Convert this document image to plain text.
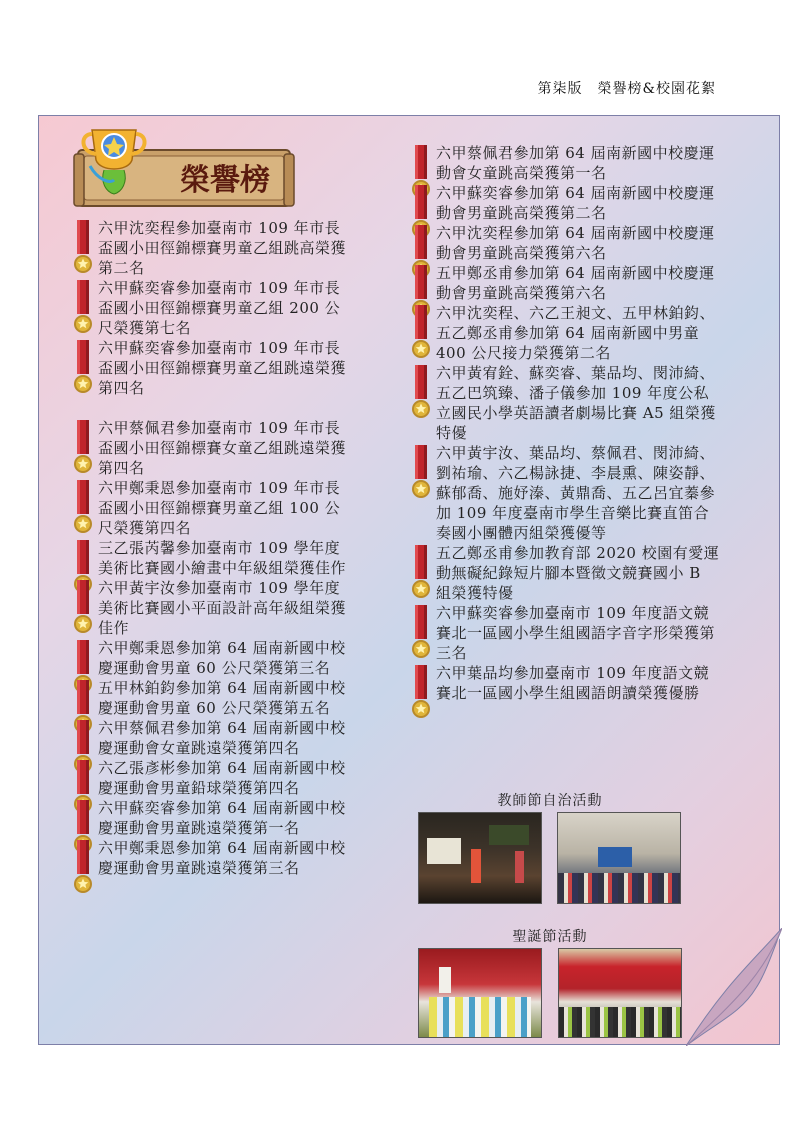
第柒版　榮譽榜&校園花絮
榮譽榜
六甲沈奕程參加臺南市 109 年市長盃國小田徑錦標賽男童乙組跳高榮獲第二名
六甲蘇奕睿參加臺南市 109 年市長盃國小田徑錦標賽男童乙組 200 公尺榮獲第七名
六甲蘇奕睿參加臺南市 109 年市長盃國小田徑錦標賽男童乙組跳遠榮獲第四名
六甲蔡佩君參加臺南市 109 年市長盃國小田徑錦標賽女童乙組跳遠榮獲第四名
六甲鄭秉恩參加臺南市 109 年市長盃國小田徑錦標賽男童乙組 100 公尺榮獲第四名
三乙張芮馨參加臺南市 109 學年度美術比賽國小繪畫中年級組榮獲佳作
六甲黃宇汝參加臺南市 109 學年度美術比賽國小平面設計高年級組榮獲佳作
六甲鄭秉恩參加第 64 屆南新國中校慶運動會男童 60 公尺榮獲第三名
五甲林鉑鈞參加第 64 屆南新國中校慶運動會男童 60 公尺榮獲第五名
六甲蔡佩君參加第 64 屆南新國中校慶運動會女童跳遠榮獲第四名
六乙張彥彬參加第 64 屆南新國中校慶運動會男童鉛球榮獲第四名
六甲蘇奕睿參加第 64 屆南新國中校慶運動會男童跳遠榮獲第一名
六甲鄭秉恩參加第 64 屆南新國中校慶運動會男童跳遠榮獲第三名
六甲蔡佩君參加第 64 屆南新國中校慶運動會女童跳高榮獲第一名
六甲蘇奕睿參加第 64 屆南新國中校慶運動會男童跳高榮獲第二名
六甲沈奕程參加第 64 屆南新國中校慶運動會男童跳高榮獲第六名
五甲鄭丞甫參加第 64 屆南新國中校慶運動會男童跳高榮獲第六名
六甲沈奕程、六乙王昶文、五甲林鉑鈞、五乙鄭丞甫參加第 64 屆南新國中男童 400 公尺接力榮獲第二名
六甲黃宥銓、蘇奕睿、葉品均、閔沛綺、五乙巴筑臻、潘子儀參加 109 年度公私立國民小學英語讀者劇場比賽 A5 組榮獲特優
六甲黃宇汝、葉品均、蔡佩君、閔沛綺、 劉祐瑜、六乙楊詠捷、李晨熏、陳姿靜、蘇郁喬、施妤溱、黃鼎喬、五乙呂宜蓁參加 109 年度臺南市學生音樂比賽直笛合奏國小團體丙組榮獲優等
五乙鄭丞甫參加教育部 2020 校園有愛運動無礙紀錄短片腳本暨徵文競賽國小 B 組榮獲特優
六甲蘇奕睿參加臺南市 109 年度語文競賽北一區國小學生組國語字音字形榮獲第三名
六甲葉品均參加臺南市 109 年度語文競賽北一區國小學生組國語朗讀榮獲優勝
教師節自治活動
聖誕節活動
